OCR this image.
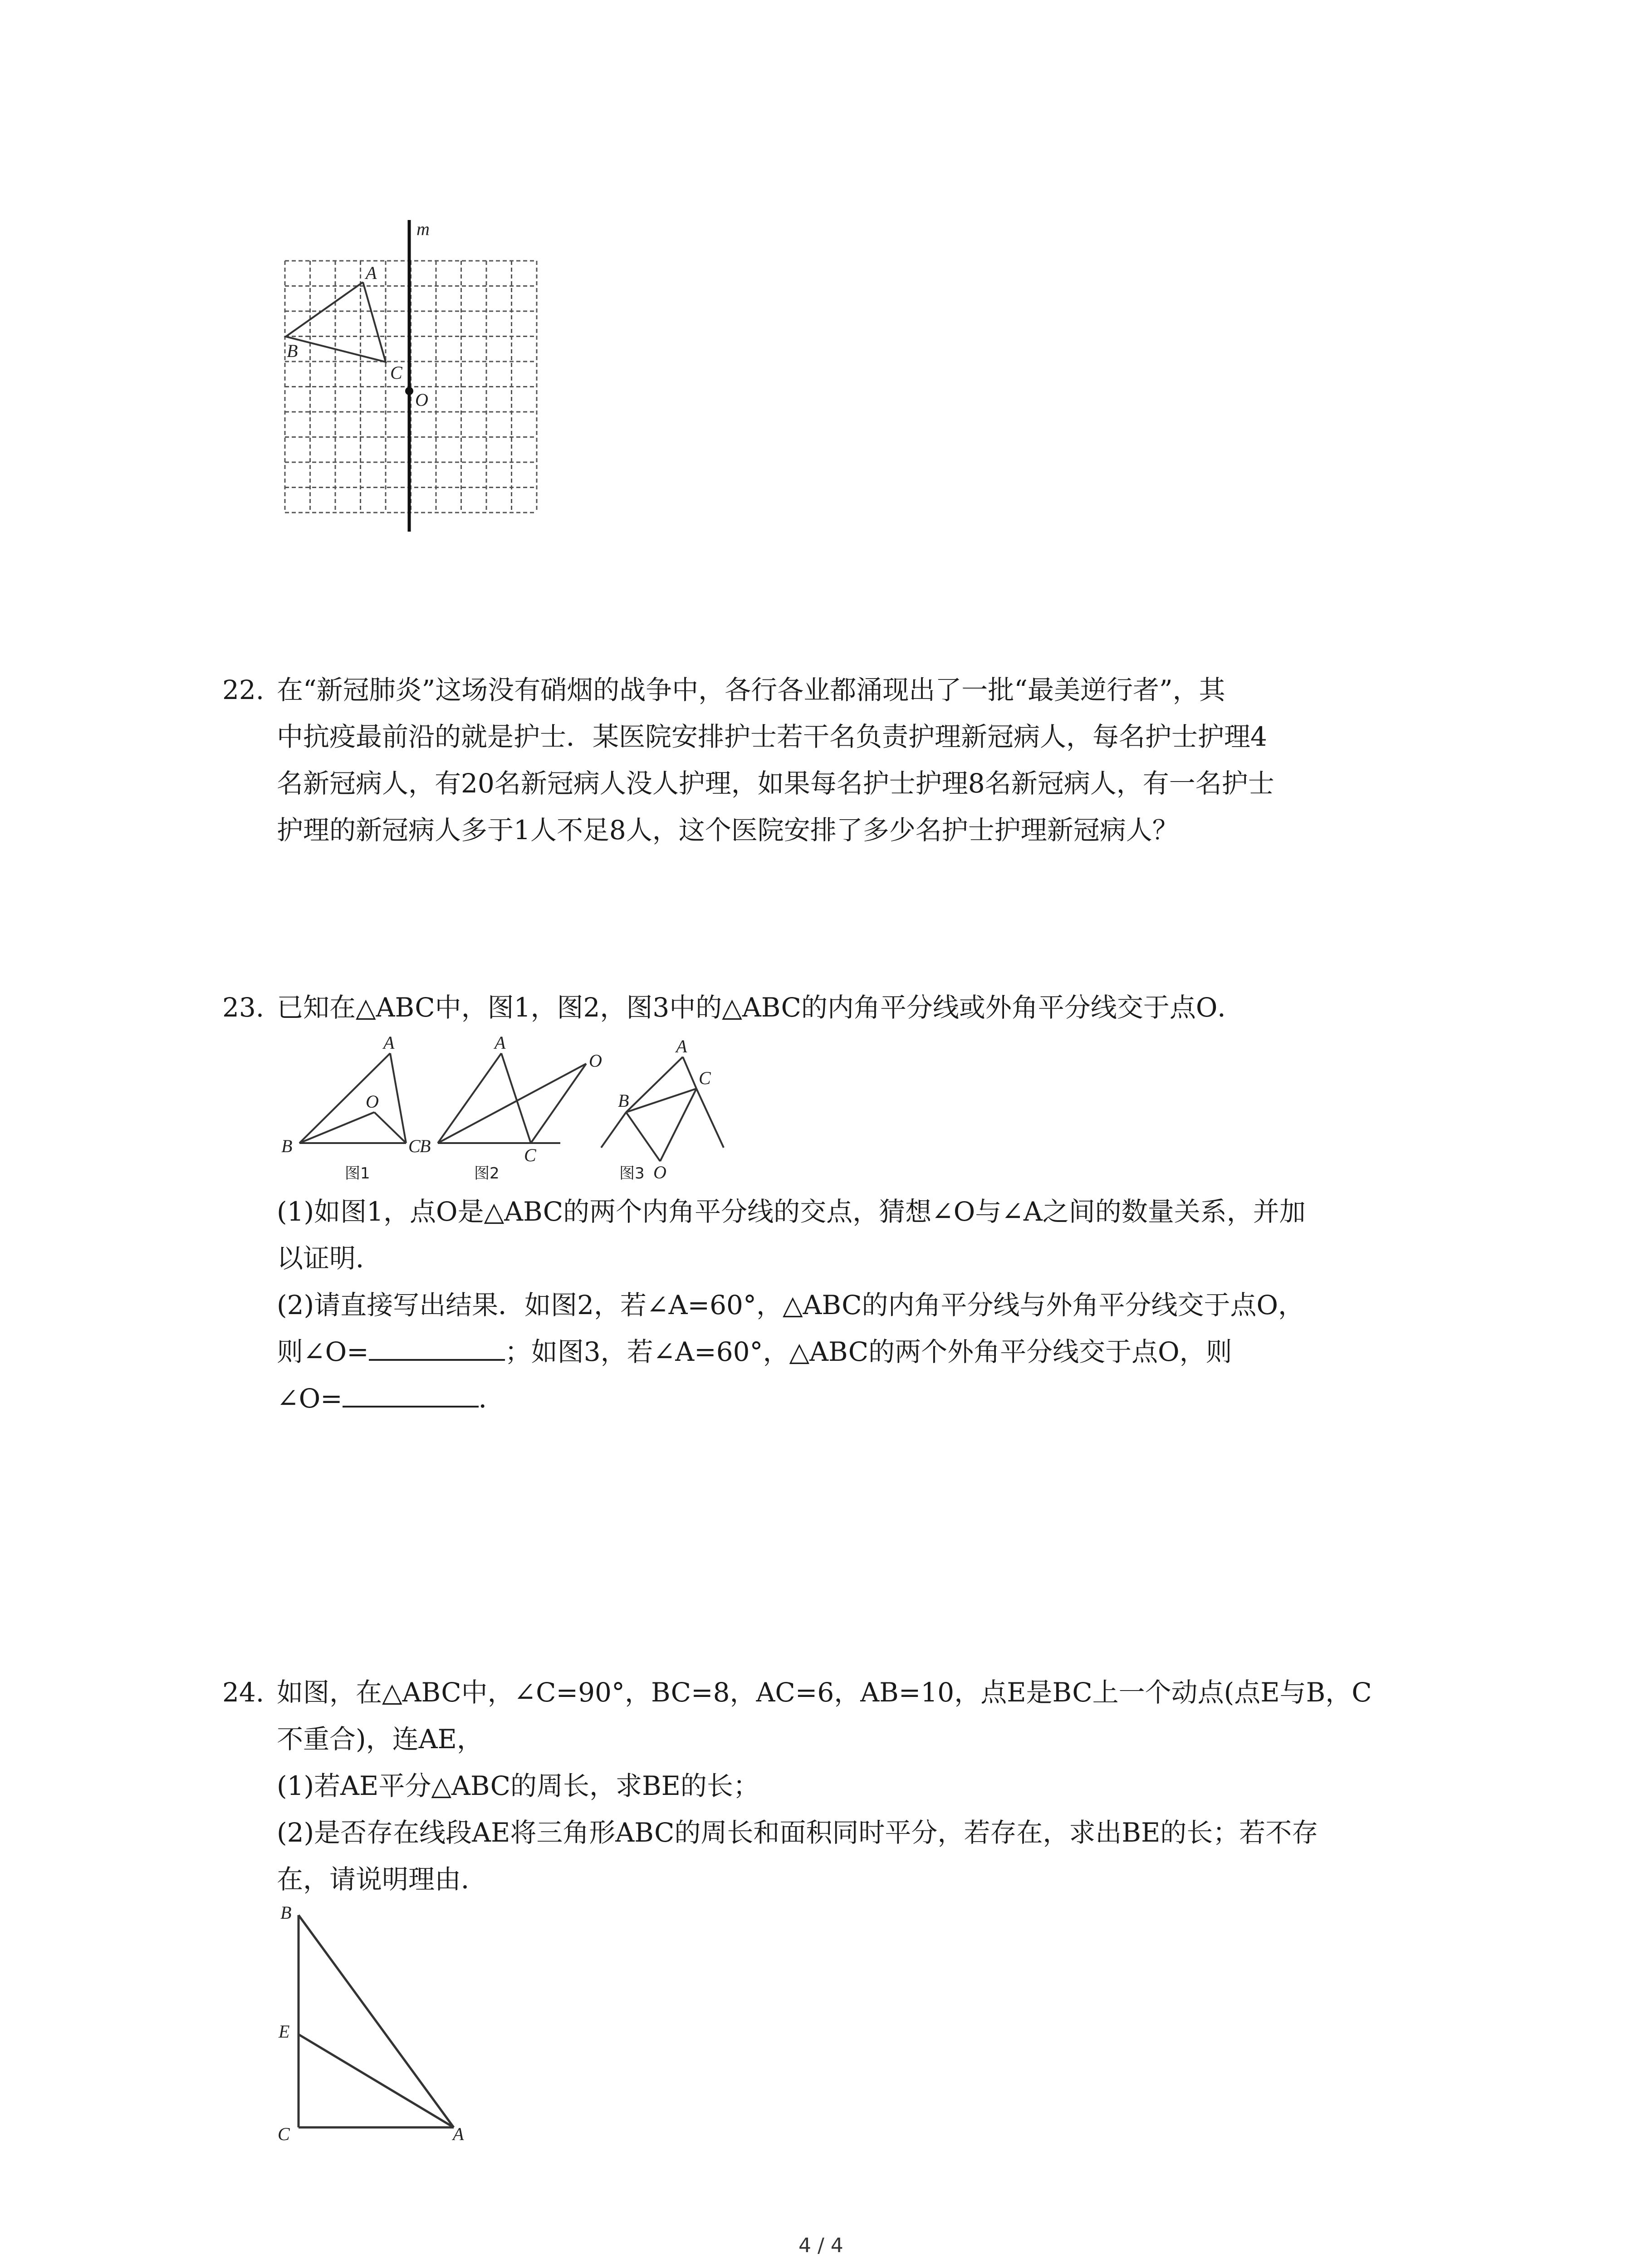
m
A
B
C
O
22. 在“新冠肺炎”这场没有硝烟的战争中，各行各业都涌现出了一批“最美逆行者”，其
中抗疫最前沿的就是护士．某医院安排护士若干名负责护理新冠病人，每名护士护理4
名新冠病人，有20名新冠病人没人护理，如果每名护士护理8名新冠病人，有一名护士
护理的新冠病人多于1人不足8人，这个医院安排了多少名护士护理新冠病人？
23. 已知在△ABC中，图1，图2，图3中的△ABC的内角平分线或外角平分线交于点O．
A
B	C
O
图1
A
B	C
O
图2
A
B
C
O
图3
(1)如图1，点O是△ABC的两个内角平分线的交点，猜想∠O与∠A之间的数量关系，并加
以证明．
(2)请直接写出结果．如图2，若∠A=60°，△ABC的内角平分线与外角平分线交于点O，
则∠O=	；如图3，若∠A=60°，△ABC的两个外角平分线交于点O，则
∠O=	．
24. 如图，在△ABC中，∠C=90°，BC=8，AC=6，AB=10，点E是BC上一个动点(点E与B，C
不重合)，连AE，
(1)若AE平分△ABC的周长，求BE的长；
(2)是否存在线段AE将三角形ABC的周长和面积同时平分，若存在，求出BE的长；若不存
在，请说明理由．
B
E
C	A
4 / 4
